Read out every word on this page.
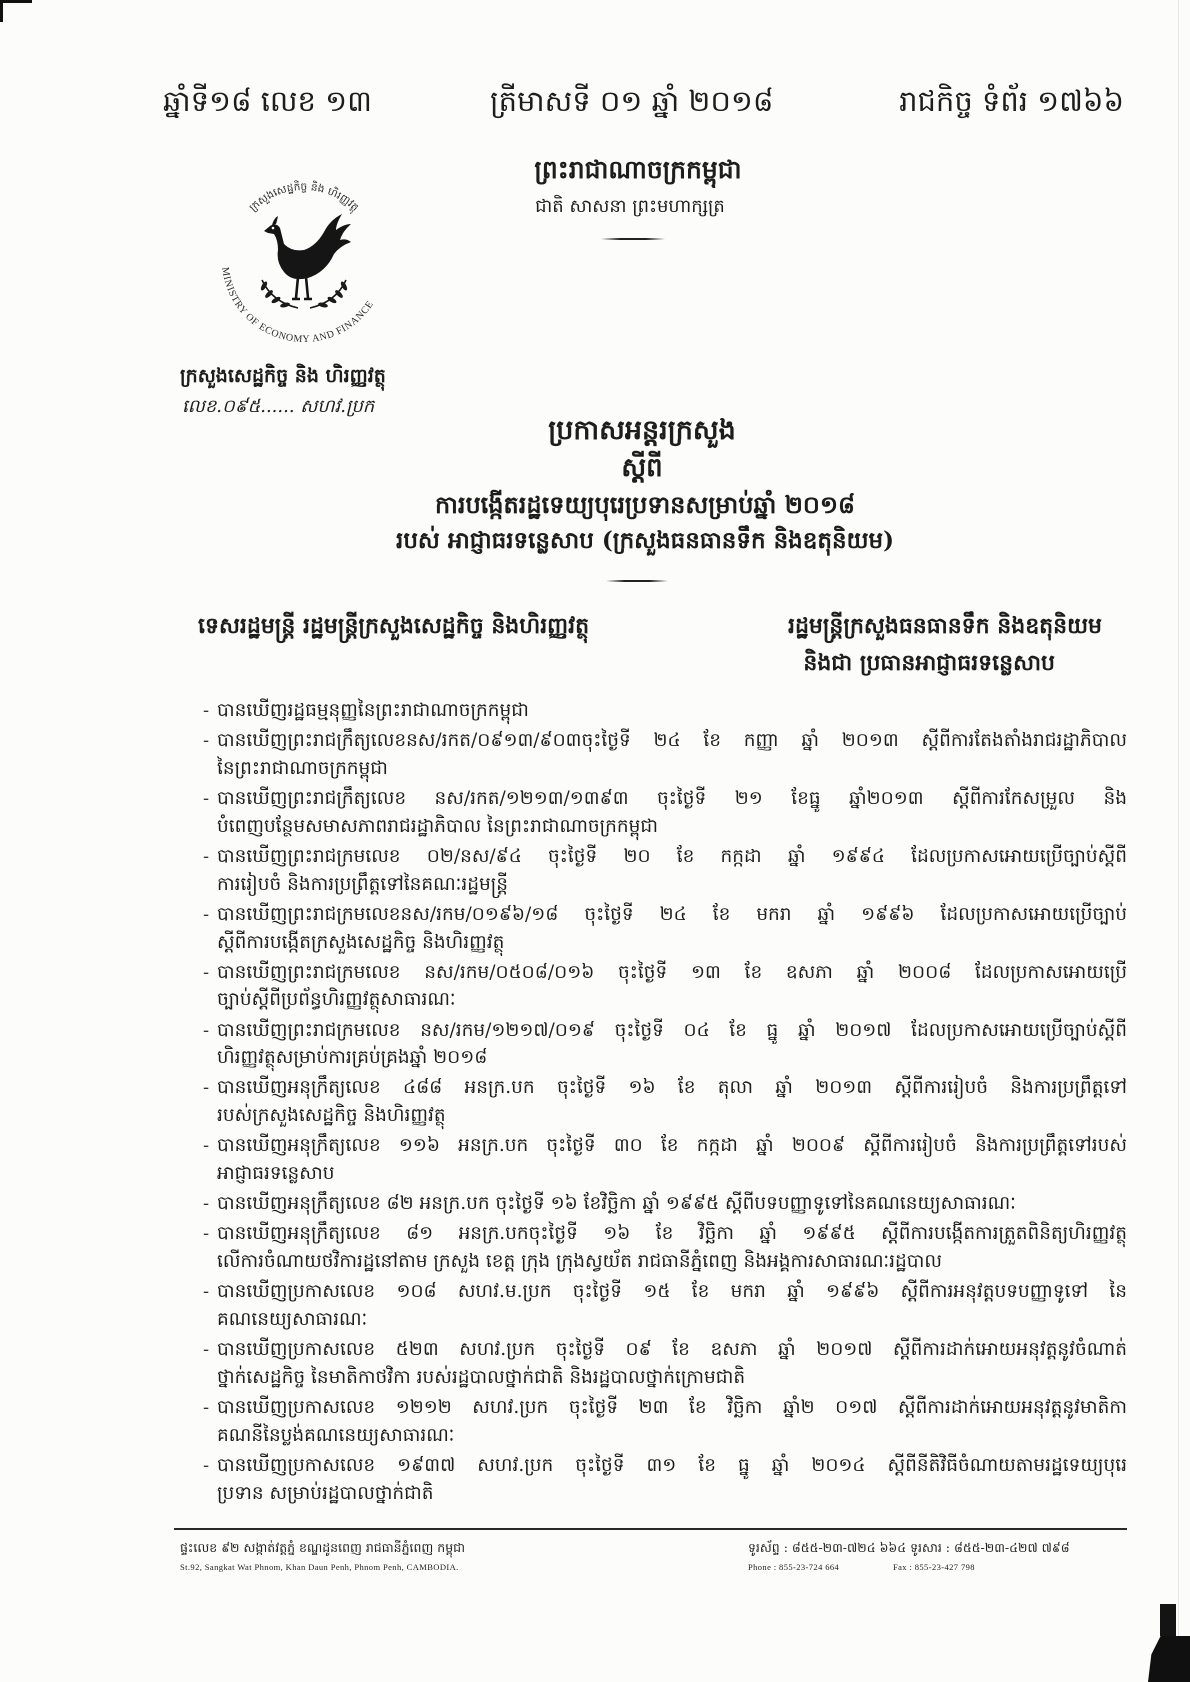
ឆ្នាំទី១៨ លេខ ១៣	ត្រីមាសទី ០១ ឆ្នាំ ២០១៨	រាជកិច្ច ទំព័រ ១៧៦៦
ព្រះរាជាណាចក្រកម្ពុជា
ជាតិ សាសនា ព្រះមហាក្សត្រ
ក្រសួងសេដ្ឋកិច្ច និង ហិរញ្ញវត្ថុ
MINISTRY OF ECONOMY AND FINANCE
ក្រសួងសេដ្ឋកិច្ច និង ហិរញ្ញវត្ថុ
លេខ.០៩៥...... សហវ.ប្រក
ប្រកាសអន្តរក្រសួង
ស្តីពី
ការបង្កើតរដ្ឋទេយ្យបុរេប្រទានសម្រាប់ឆ្នាំ ២០១៨
របស់ អាជ្ញាធរទន្លេសាប (ក្រសួងធនធានទឹក និងឧតុនិយម)
ទេសរដ្ឋមន្ត្រី រដ្ឋមន្ត្រីក្រសួងសេដ្ឋកិច្ច និងហិរញ្ញវត្ថុ	រដ្ឋមន្ត្រីក្រសួងធនធានទឹក និងឧតុនិយម
និងជា ប្រធានអាជ្ញាធរទន្លេសាប
- បានឃើញរដ្ឋធម្មនុញ្ញនៃព្រះរាជាណាចក្រកម្ពុជា
- បានឃើញព្រះរាជក្រឹត្យលេខនស/រកត/០៩១៣/៩០៣ចុះថ្ងៃទី ២៤ ខែ កញ្ញា ឆ្នាំ ២០១៣ ស្តីពីការតែងតាំងរាជរដ្ឋាភិបាល
នៃព្រះរាជាណាចក្រកម្ពុជា
- បានឃើញព្រះរាជក្រឹត្យលេខ នស/រកត/១២១៣/១៣៩៣ ចុះថ្ងៃទី ២១ ខែធ្នូ ឆ្នាំ២០១៣ ស្តីពីការកែសម្រួល និង
បំពេញបន្ថែមសមាសភាពរាជរដ្ឋាភិបាល នៃព្រះរាជាណាចក្រកម្ពុជា
- បានឃើញព្រះរាជក្រមលេខ ០២/នស/៩៤ ចុះថ្ងៃទី ២០ ខែ កក្កដា ឆ្នាំ ១៩៩៤ ដែលប្រកាសអោយប្រើច្បាប់ស្តីពី
ការរៀបចំ និងការប្រព្រឹត្តទៅនៃគណៈរដ្ឋមន្ត្រី
- បានឃើញព្រះរាជក្រមលេខនស/រកម/០១៩៦/១៨ ចុះថ្ងៃទី ២៤ ខែ មករា ឆ្នាំ ១៩៩៦ ដែលប្រកាសអោយប្រើច្បាប់
ស្តីពីការបង្កើតក្រសួងសេដ្ឋកិច្ច និងហិរញ្ញវត្ថុ
- បានឃើញព្រះរាជក្រមលេខ នស/រកម/០៥០៨/០១៦ ចុះថ្ងៃទី ១៣ ខែ ឧសភា ឆ្នាំ ២០០៨ ដែលប្រកាសអោយប្រើ
ច្បាប់ស្តីពីប្រព័ន្ធហិរញ្ញវត្ថុសាធារណៈ
- បានឃើញព្រះរាជក្រមលេខ នស/រកម/១២១៧/០១៩ ចុះថ្ងៃទី ០៤ ខែ ធ្នូ ឆ្នាំ ២០១៧ ដែលប្រកាសអោយប្រើច្បាប់ស្តីពី
ហិរញ្ញវត្ថុសម្រាប់ការគ្រប់គ្រងឆ្នាំ ២០១៨
- បានឃើញអនុក្រឹត្យលេខ ៤៨៨ អនក្រ.បក ចុះថ្ងៃទី ១៦ ខែ តុលា ឆ្នាំ ២០១៣ ស្តីពីការរៀបចំ និងការប្រព្រឹត្តទៅ
របស់ក្រសួងសេដ្ឋកិច្ច និងហិរញ្ញវត្ថុ
- បានឃើញអនុក្រឹត្យលេខ ១១៦ អនក្រ.បក ចុះថ្ងៃទី ៣០ ខែ កក្កដា ឆ្នាំ ២០០៩ ស្តីពីការរៀបចំ និងការប្រព្រឹត្តទៅរបស់
អាជ្ញាធរទន្លេសាប
- បានឃើញអនុក្រឹត្យលេខ ៨២ អនក្រ.បក ចុះថ្ងៃទី ១៦ ខែវិច្ឆិកា ឆ្នាំ ១៩៩៥ ស្តីពីបទបញ្ញាទូទៅនៃគណនេយ្យសាធារណៈ
- បានឃើញអនុក្រឹត្យលេខ ៨១ អនក្រ.បកចុះថ្ងៃទី ១៦ ខែ វិច្ឆិកា ឆ្នាំ ១៩៩៥ ស្តីពីការបង្កើតការត្រួតពិនិត្យហិរញ្ញវត្ថុ
លើការចំណាយថវិការដ្ឋនៅតាម ក្រសួង ខេត្ត ក្រុង ក្រុងស្វយ័ត រាជធានីភ្នំពេញ និងអង្គការសាធារណៈរដ្ឋបាល
- បានឃើញប្រកាសលេខ ១០៨ សហវ.ម.ប្រក ចុះថ្ងៃទី ១៥ ខែ មករា ឆ្នាំ ១៩៩៦ ស្តីពីការអនុវត្តបទបញ្ញាទូទៅ នៃ
គណនេយ្យសាធារណៈ
- បានឃើញប្រកាសលេខ ៥២៣ សហវ.ប្រក ចុះថ្ងៃទី ០៩ ខែ ឧសភា ឆ្នាំ ២០១៧ ស្តីពីការដាក់អោយអនុវត្តនូវចំណាត់
ថ្នាក់សេដ្ឋកិច្ច នៃមាតិកាថវិកា របស់រដ្ឋបាលថ្នាក់ជាតិ និងរដ្ឋបាលថ្នាក់ក្រោមជាតិ
- បានឃើញប្រកាសលេខ ១២១២ សហវ.ប្រក ចុះថ្ងៃទី ២៣ ខែ វិច្ឆិកា ឆ្នាំ២ ០១៧ ស្តីពីការដាក់អោយអនុវត្តនូវមាតិកា
គណនីនៃប្លង់គណនេយ្យសាធារណៈ
- បានឃើញប្រកាសលេខ ១៩៣៧ សហវ.ប្រក ចុះថ្ងៃទី ៣១ ខែ ធ្នូ ឆ្នាំ ២០១៤ ស្តីពីនីតិវិធីចំណាយតាមរដ្ឋទេយ្យបុរេ
ប្រទាន សម្រាប់រដ្ឋបាលថ្នាក់ជាតិ
ផ្ទះលេខ ៩២ សង្កាត់វត្តភ្នំ ខណ្ឌដូនពេញ រាជធានីភ្នំពេញ កម្ពុជា
St.92, Sangkat Wat Phnom, Khan Daun Penh, Phnom Penh, CAMBODIA.
ទូរស័ព្ទ : ៨៥៥-២៣-៧២៤ ៦៦៤ ទូរសារ : ៨៥៥-២៣-៤២៧ ៧៩៨
Phone : 855-23-724 664	Fax : 855-23-427 798
